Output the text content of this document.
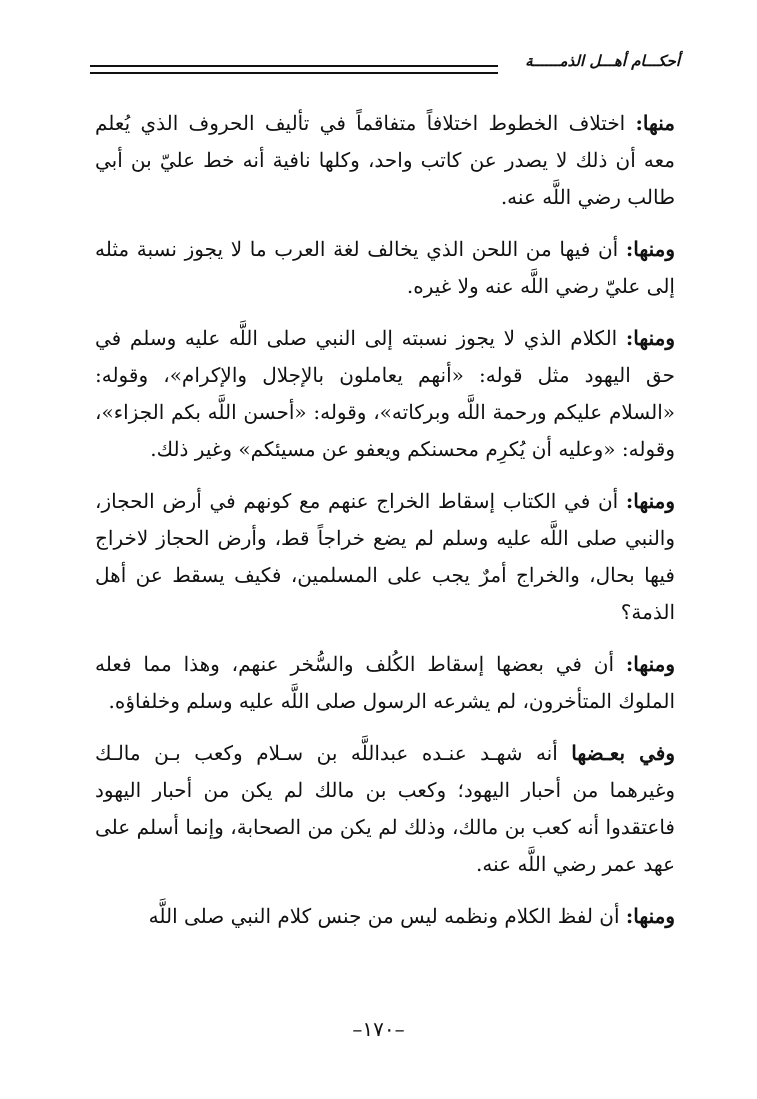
أحكـــام أهـــل الذمــــــة

منها: اختلاف الخطوط اختلافاً متفاقماً في تأليف الحروف الذي يُعلم معه أن ذلك لا يصدر عن كاتب واحد، وكلها نافية أنه خط عليّ بن أبي طالب رضي اللَّه عنه.

ومنها: أن فيها من اللحن الذي يخالف لغة العرب ما لا يجوز نسبة مثله إلى عليّ رضي اللَّه عنه ولا غيره.

ومنها: الكلام الذي لا يجوز نسبته إلى النبي صلى اللَّه عليه وسلم في حق اليهود مثل قوله: «أنهم يعاملون بالإجلال والإكرام»، وقوله: «السلام عليكم ورحمة اللَّه وبركاته»، وقوله: «أحسن اللَّه بكم الجزاء»، وقوله: «وعليه أن يُكرِم محسنكم ويعفو عن مسيئكم» وغير ذلك.

ومنها: أن في الكتاب إسقاط الخراج عنهم مع كونهم في أرض الحجاز، والنبي صلى اللَّه عليه وسلم لم يضع خراجاً قط، وأرض الحجاز لاخراج فيها بحال، والخراج أمرٌ يجب على المسلمين، فكيف يسقط عن أهل الذمة؟

ومنها: أن في بعضها إسقاط الكُلف والسُّخر عنهم، وهذا مما فعله الملوك المتأخرون، لم يشرعه الرسول صلى اللَّه عليه وسلم وخلفاؤه.

وفي بعـضها أنه شهـد عنـده عبداللَّه بن سـلام وكعب بـن مالـك وغيرهما من أحبار اليهود؛ وكعب بن مالك لم يكن من أحبار اليهود فاعتقدوا أنه كعب بن مالك، وذلك لم يكن من الصحابة، وإنما أسلم على عهد عمر رضي اللَّه عنه.

ومنها: أن لفظ الكلام ونظمه ليس من جنس كلام النبي صلى اللَّه

–١٧٠–
